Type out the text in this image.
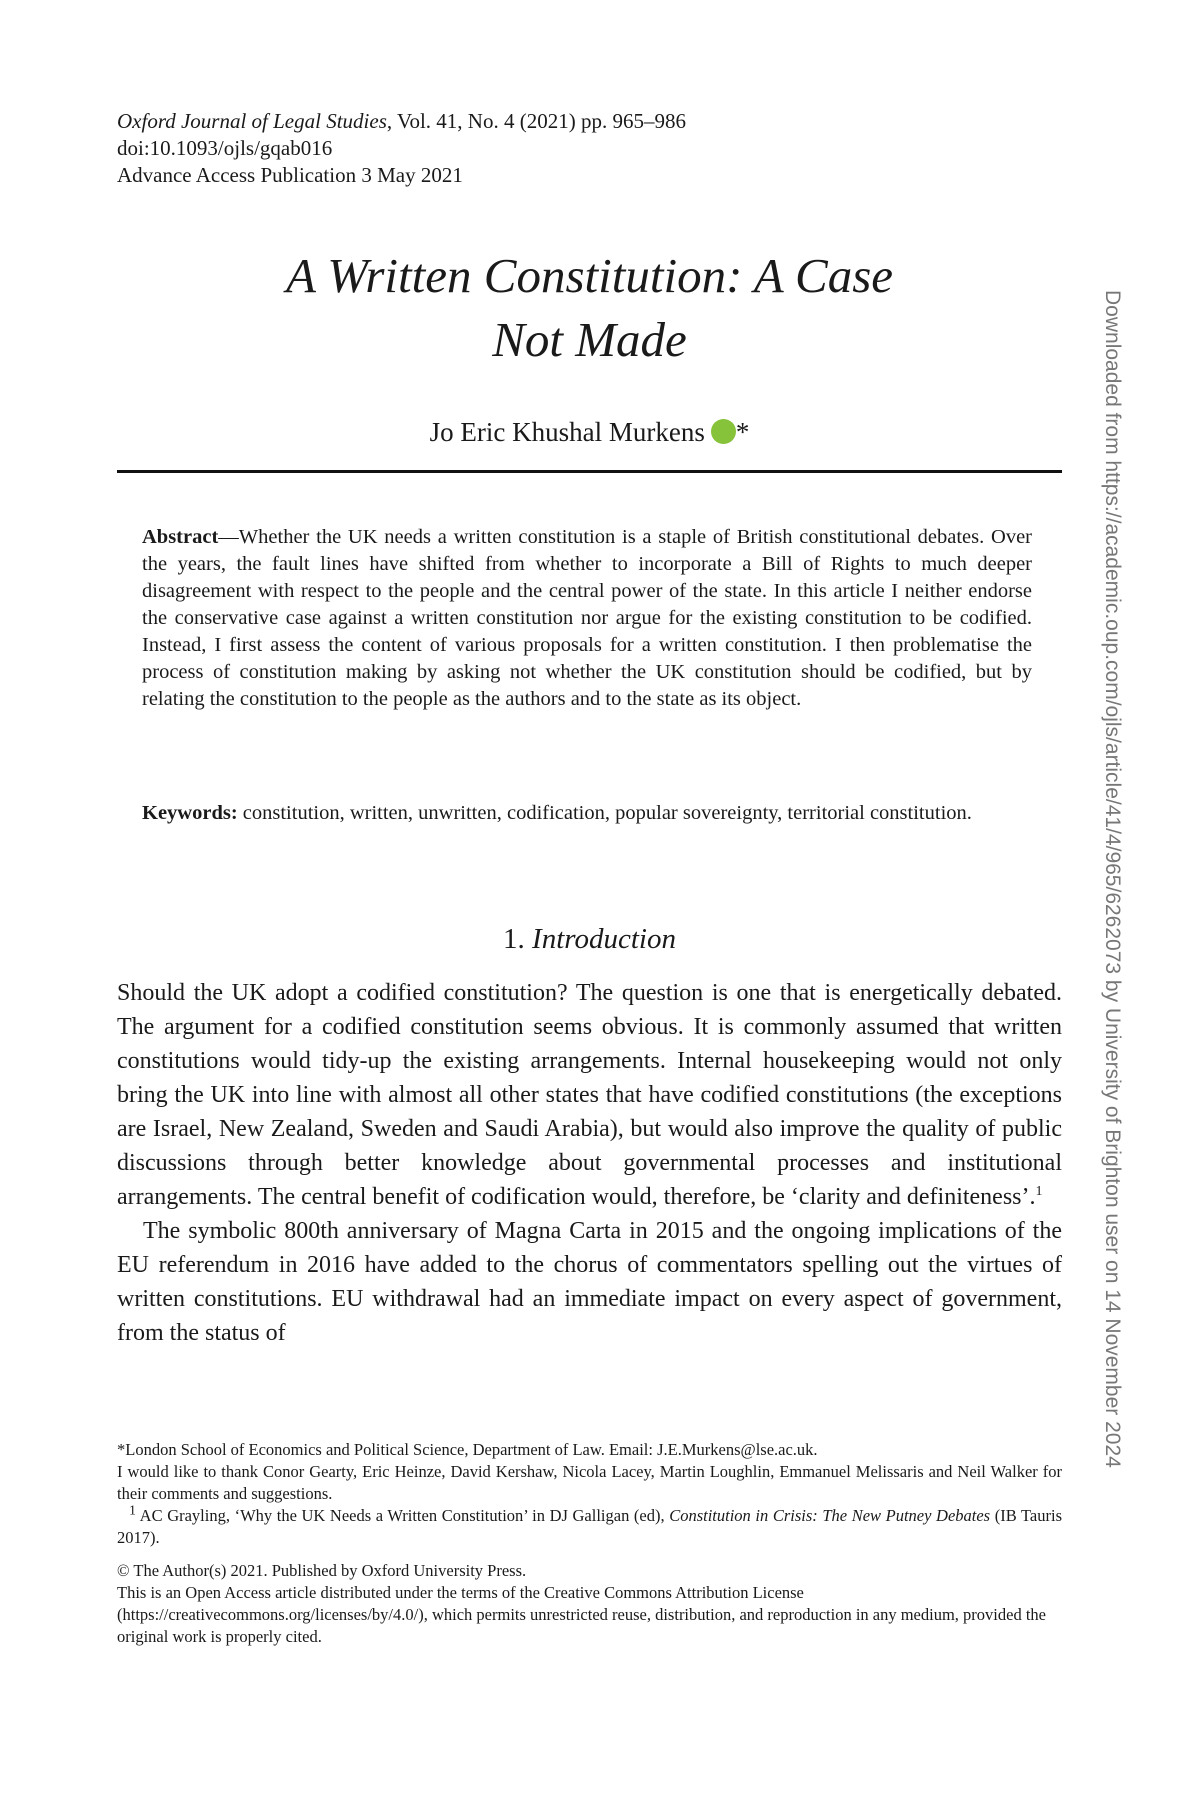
Oxford Journal of Legal Studies, Vol. 41, No. 4 (2021) pp. 965–986
doi:10.1093/ojls/gqab016
Advance Access Publication 3 May 2021
A Written Constitution: A Case
Not Made
Jo Eric Khushal Murkens *
Abstract—Whether the UK needs a written constitution is a staple of British constitutional debates. Over the years, the fault lines have shifted from whether to incorporate a Bill of Rights to much deeper disagreement with respect to the people and the central power of the state. In this article I neither endorse the conservative case against a written constitution nor argue for the existing constitution to be codified. Instead, I first assess the content of various proposals for a written constitution. I then problematise the process of constitution making by asking not whether the UK constitution should be codified, but by relating the constitution to the people as the authors and to the state as its object.
Keywords: constitution, written, unwritten, codification, popular sovereignty, territorial constitution.
1. Introduction

Should the UK adopt a codified constitution? The question is one that is energetically debated. The argument for a codified constitution seems obvious. It is commonly assumed that written constitutions would tidy-up the existing arrangements. Internal housekeeping would not only bring the UK into line with almost all other states that have codified constitutions (the exceptions are Israel, New Zealand, Sweden and Saudi Arabia), but would also improve the quality of public discussions through better knowledge about governmental processes and institutional arrangements. The central benefit of codification would, therefore, be ‘clarity and definiteness’.$^1$

The symbolic 800th anniversary of Magna Carta in 2015 and the ongoing implications of the EU referendum in 2016 have added to the chorus of commentators spelling out the virtues of written constitutions. EU withdrawal had an immediate impact on every aspect of government, from the status of

*London School of Economics and Political Science, Department of Law. Email: J.E.Murkens@lse.ac.uk.

I would like to thank Conor Gearty, Eric Heinze, David Kershaw, Nicola Lacey, Martin Loughlin, Emmanuel Melissaris and Neil Walker for their comments and suggestions.

$^1$ AC Grayling, ‘Why the UK Needs a Written Constitution’ in DJ Galligan (ed), Constitution in Crisis: The New Putney Debates (IB Tauris 2017).

© The Author(s) 2021. Published by Oxford University Press.

This is an Open Access article distributed under the terms of the Creative Commons Attribution License (https://creativecommons.org/licenses/by/4.0/), which permits unrestricted reuse, distribution, and reproduction in any medium, provided the original work is properly cited.

Downloaded from https://academic.oup.com/ojls/article/41/4/965/6262073 by University of Brighton user on 14 November 2024
